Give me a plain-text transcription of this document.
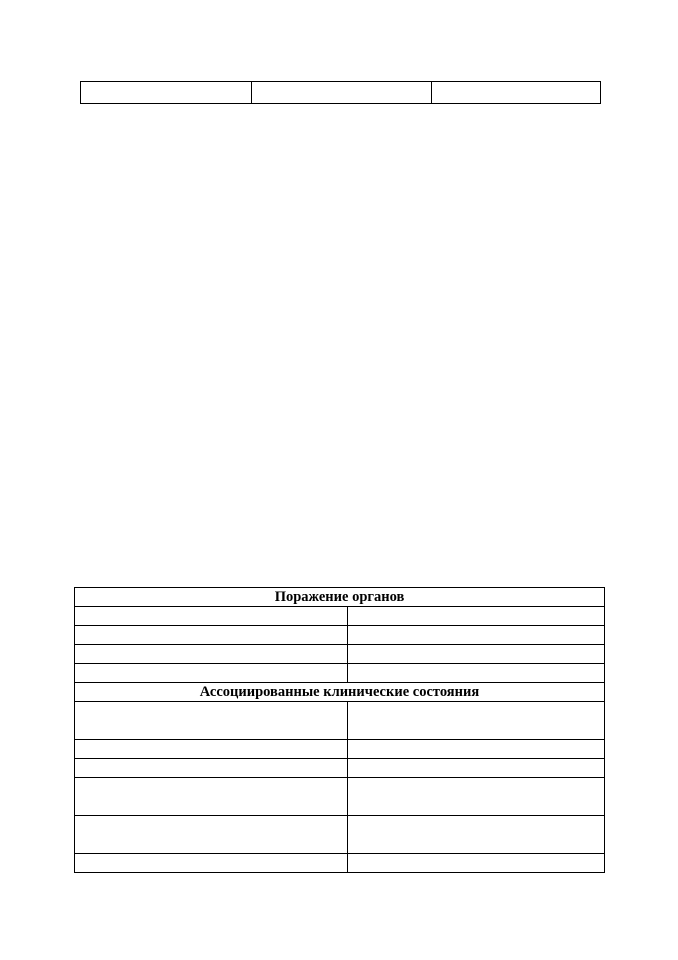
Поражение органов	

Ассоциированные клинические состояния	
